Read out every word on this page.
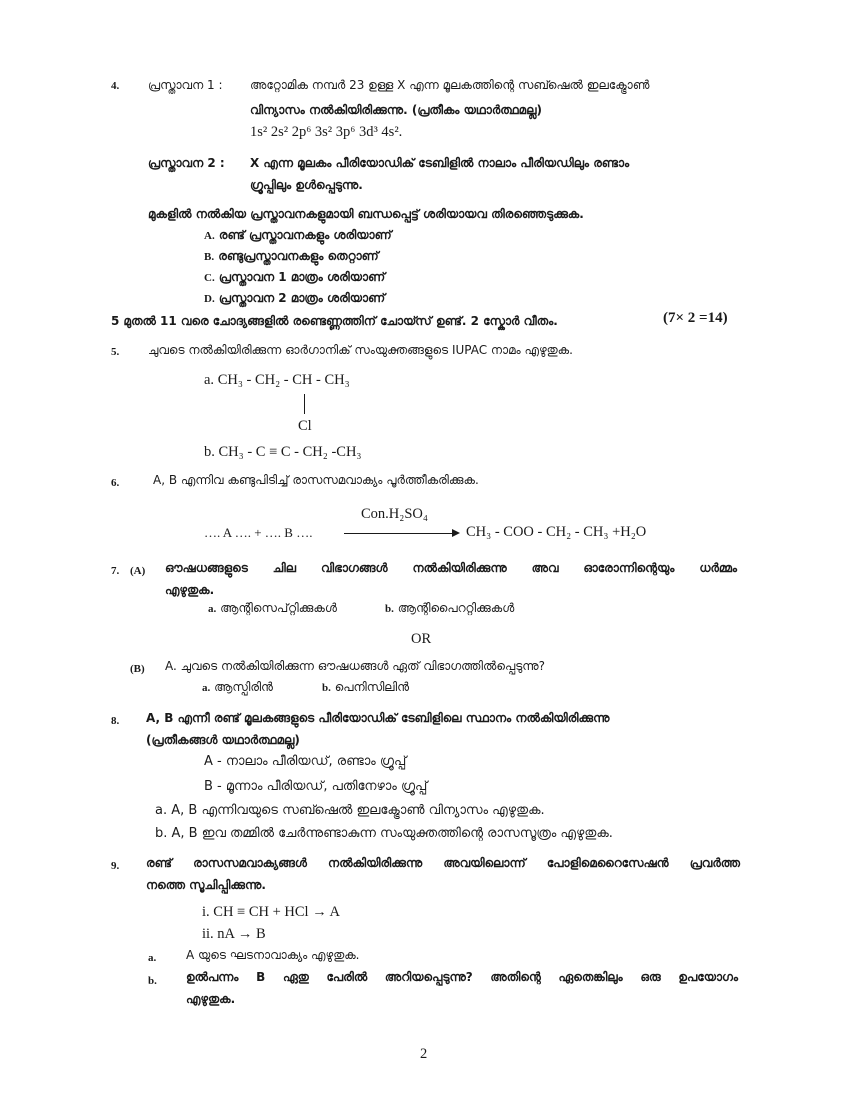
4. പ്രസ്താവന 1 : അറ്റോമിക നമ്പർ 23 ഉള്ള X എന്ന മൂലകത്തിന്റെ സബ്ഷെൽ ഇലക്ട്രോൺ
വിന്യാസം നൽകിയിരിക്കുന്നു. (പ്രതീകം യഥാർത്ഥമല്ല)
1s² 2s² 2p⁶ 3s² 3p⁶ 3d³ 4s².
പ്രസ്താവന 2 : X എന്ന മൂലകം പീരിയോഡിക് ടേബിളിൽ നാലാം പീരിയഡിലും രണ്ടാം
ഗ്രൂപ്പിലും ഉൾപ്പെടുന്നു.
മുകളിൽ നൽകിയ പ്രസ്താവനകളുമായി ബന്ധപ്പെട്ട് ശരിയായവ തിരഞ്ഞെടുക്കുക.
A. രണ്ട് പ്രസ്താവനകളും ശരിയാണ്
B. രണ്ടുപ്രസ്താവനകളും തെറ്റാണ്
C. പ്രസ്താവന 1 മാത്രം ശരിയാണ്
D. പ്രസ്താവന 2 മാത്രം ശരിയാണ്
5 മുതൽ 11 വരെ ചോദ്യങ്ങളിൽ രണ്ടെണ്ണത്തിന് ചോയ്സ് ഉണ്ട്. 2 സ്കോർ വീതം.	(7× 2 =14)
5. ചുവടെ നൽകിയിരിക്കുന്ന ഓർഗാനിക് സംയുക്തങ്ങളുടെ IUPAC നാമം എഴുതുക.
a. CH₃ - CH₂ - CH - CH₃
Cl
b. CH₃ - C ≡ C - CH₂ -CH₃
6.	A, B എന്നിവ കണ്ടുപിടിച്ച് രാസസമവാക്യം പൂർത്തീകരിക്കുക.
Con.H₂SO₄
…. A …. + …. B ….	CH₃ - COO - CH₂ - CH₃ +H₂O
7. (A) ഔഷധങ്ങളുടെ ചില വിഭാഗങ്ങൾ നൽകിയിരിക്കുന്നു അവ ഓരോന്നിന്റെയും ധർമ്മം
എഴുതുക.
a. ആന്റിസെപ്റ്റിക്കുകൾ	b. ആന്റിപൈററ്റിക്കുകൾ
OR
(B) A. ചുവടെ നൽകിയിരിക്കുന്ന ഔഷധങ്ങൾ ഏത് വിഭാഗത്തിൽപ്പെടുന്നു?
a. ആസ്പിരിൻ	b. പെനിസിലിൻ
8. A, B എന്നീ രണ്ട് മൂലകങ്ങളുടെ പീരിയോഡിക് ടേബിളിലെ സ്ഥാനം നൽകിയിരിക്കുന്നു
(പ്രതീകങ്ങൾ യഥാർത്ഥമല്ല)
A - നാലാം പീരിയഡ്, രണ്ടാം ഗ്രൂപ്പ്
B - മൂന്നാം പീരിയഡ്, പതിനേഴാം ഗ്രൂപ്പ്
a. A, B എന്നിവയുടെ സബ്ഷെൽ ഇലക്ട്രോൺ വിന്യാസം എഴുതുക.
b. A, B ഇവ തമ്മിൽ ചേർന്നുണ്ടാകുന്ന സംയുക്തത്തിന്റെ രാസസൂത്രം എഴുതുക.
9. രണ്ട് രാസസമവാക്യങ്ങൾ നൽകിയിരിക്കുന്നു അവയിലൊന്ന് പോളിമെറൈസേഷൻ പ്രവർത്ത
നത്തെ സൂചിപ്പിക്കുന്നു.
i. CH ≡ CH + HCl → A
ii. nA → B
a. A യുടെ ഘടനാവാക്യം എഴുതുക.
b. ഉൽപന്നം B ഏതു പേരിൽ അറിയപ്പെടുന്നു? അതിന്റെ ഏതെങ്കിലും ഒരു ഉപയോഗം
എഴുതുക.
2
